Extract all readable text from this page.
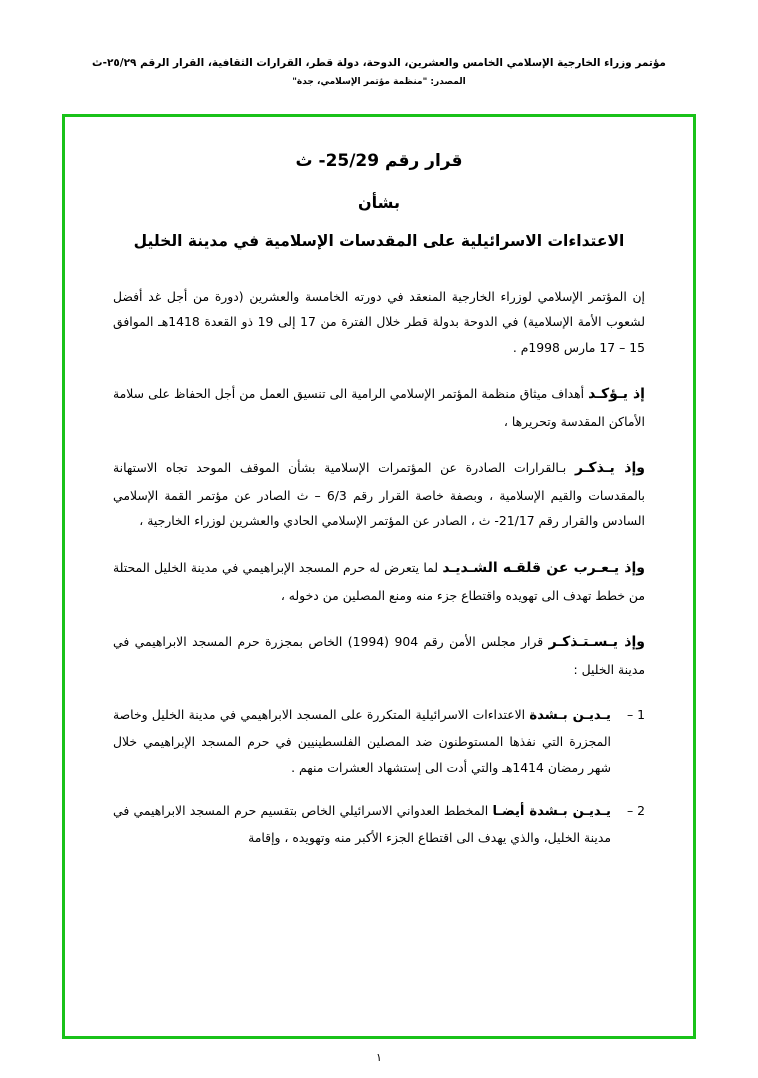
مؤتمر وزراء الخارجية الإسلامي الخامس والعشرين، الدوحة، دولة قطر، القرارات الثقافية، القرار الرقم ٢٥/٢٩-ث
المصدر: "منظمة مؤتمر الإسلامي، جدة"
قرار رقم 25/29- ث
بشأن
الاعتداءات الاسرائيلية على المقدسات الإسلامية في مدينة الخليل

إن المؤتمر الإسلامي لوزراء الخارجية المنعقد في دورته الخامسة والعشرين (دورة من أجل غد أفضل لشعوب الأمة الإسلامية) في الدوحة بدولة قطر خلال الفترة من 17 إلى 19 ذو القعدة 1418هـ الموافق 15 – 17 مارس 1998م .

إذ يـؤكـد أهداف ميثاق منظمة المؤتمر الإسلامي الرامية الى تنسيق العمل من أجل الحفاظ على سلامة الأماكن المقدسة وتحريرها ،

وإذ يـذكـر بـالقرارات الصادرة عن المؤتمرات الإسلامية بشأن الموقف الموحد تجاه الاستهانة بالمقدسات والقيم الإسلامية ، وبصفة خاصة القرار رقم 6/3 – ث الصادر عن مؤتمر القمة الإسلامي السادس والقرار رقم 21/17- ث ، الصادر عن المؤتمر الإسلامي الحادي والعشرين لوزراء الخارجية ،

وإذ يـعـرب عن قلقـه الشـديـد لما يتعرض له حرم المسجد الإبراهيمي في مدينة الخليل المحتلة من خطط تهدف الى تهويده واقتطاع جزء منه ومنع المصلين من دخوله ،

وإذ يـسـتـذكـر قرار مجلس الأمن رقم 904 (1994) الخاص بمجزرة حرم المسجد الابراهيمي في مدينة الخليل :

1 –
يـديـن بـشدة الاعتداءات الاسرائيلية المتكررة على المسجد الابراهيمي في مدينة الخليل وخاصة المجزرة التي نفذها المستوطنون ضد المصلين الفلسطينيين في حرم المسجد الإبراهيمي خلال شهر رمضان 1414هـ والتي أدت الى إستشهاد العشرات منهم .
2 –
يـديـن بـشدة أيضـا المخطط العدواني الاسرائيلي الخاص بتقسيم حرم المسجد الابراهيمي في مدينة الخليل، والذي يهدف الى اقتطاع الجزء الأكبر منه وتهويده ، وإقامة
١
